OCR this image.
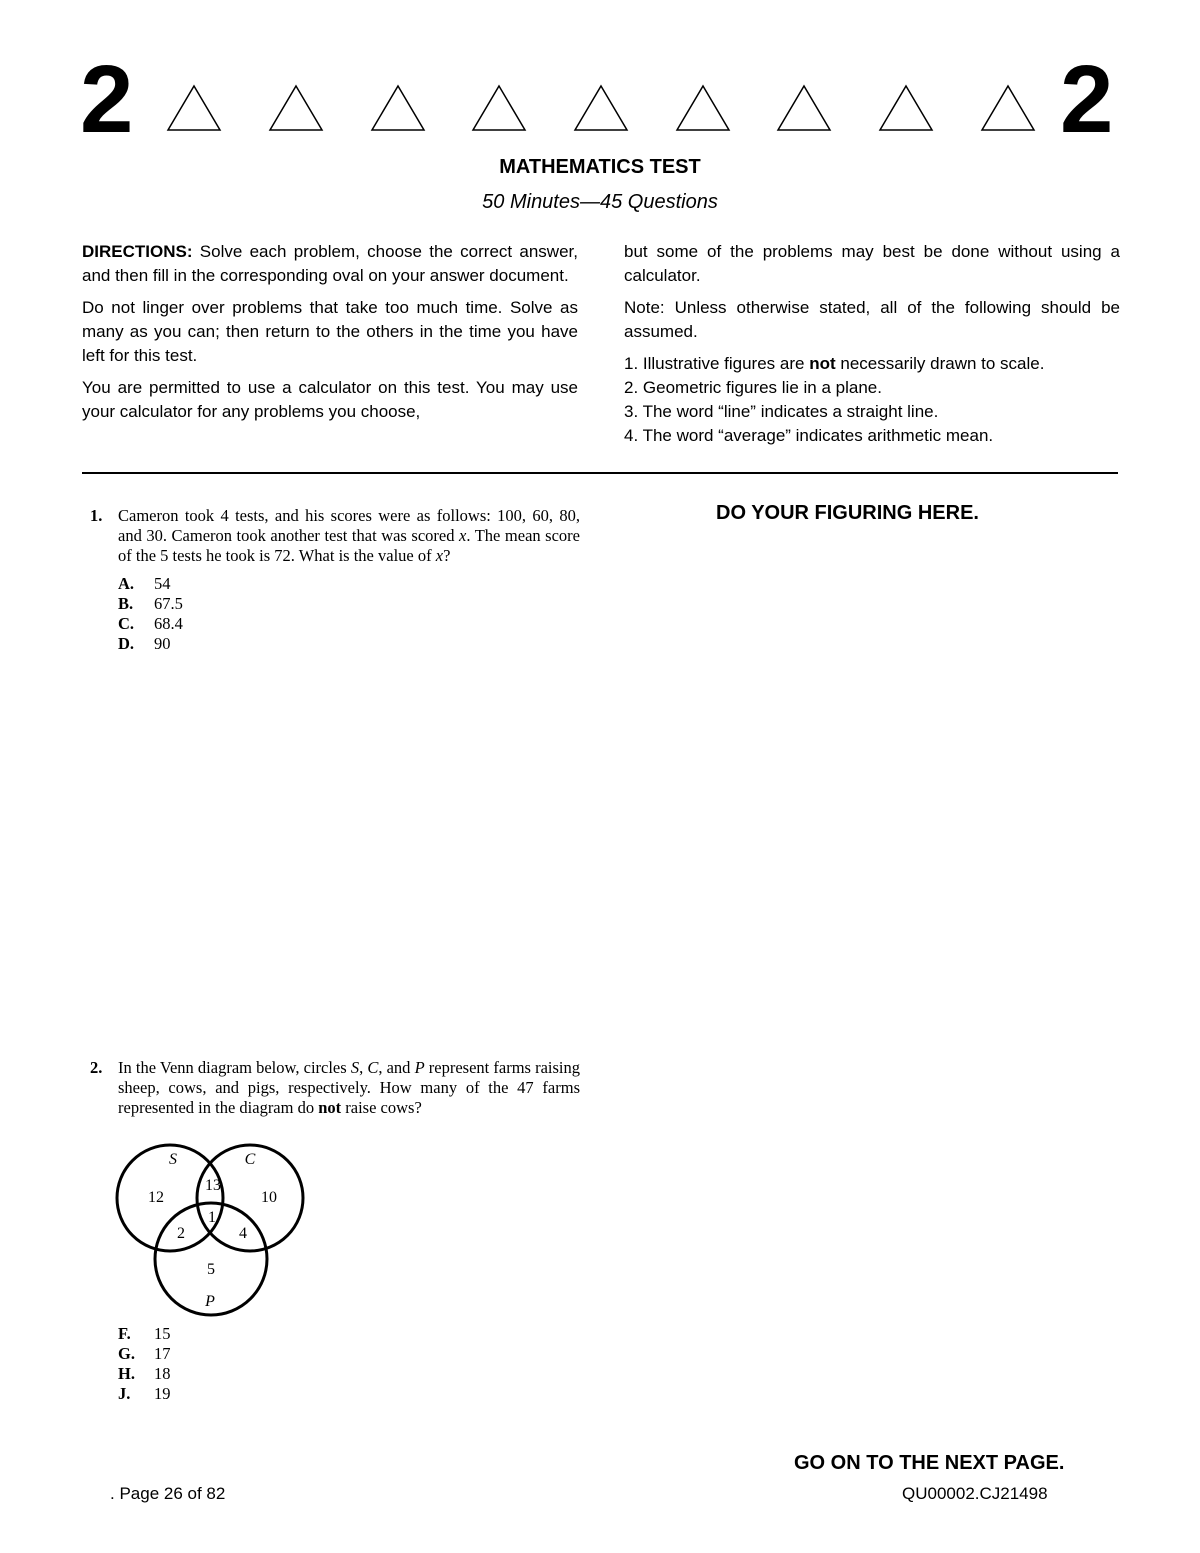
2	2
MATHEMATICS TEST
50 Minutes—45 Questions

DIRECTIONS: Solve each problem, choose the correct answer, and then fill in the corresponding oval on your answer document.

Do not linger over problems that take too much time. Solve as many as you can; then return to the others in the time you have left for this test.

You are permitted to use a calculator on this test. You may use your calculator for any problems you choose,

but some of the problems may best be done without using a calculator.

Note: Unless otherwise stated, all of the following should be assumed.

1. Illustrative figures are not necessarily drawn to scale.
2. Geometric figures lie in a plane.
3. The word “line” indicates a straight line.
4. The word “average” indicates arithmetic mean.
DO YOUR FIGURING HERE.
1. Cameron took 4 tests, and his scores were as follows: 100, 60, 80, and 30. Cameron took another test that was scored x. The mean score of the 5 tests he took is 72. What is the value of x?
A. 54
B. 67.5
C. 68.4
D. 90
2. In the Venn diagram below, circles S, C, and P represent farms raising sheep, cows, and pigs, respectively. How many of the 47 farms represented in the diagram do not raise cows?
S	C
P
12
13
10
1
2	4
5
F. 15
G. 17
H. 18
J. 19
GO ON TO THE NEXT PAGE.
. Page 26 of 82	QU00002.CJ21498
